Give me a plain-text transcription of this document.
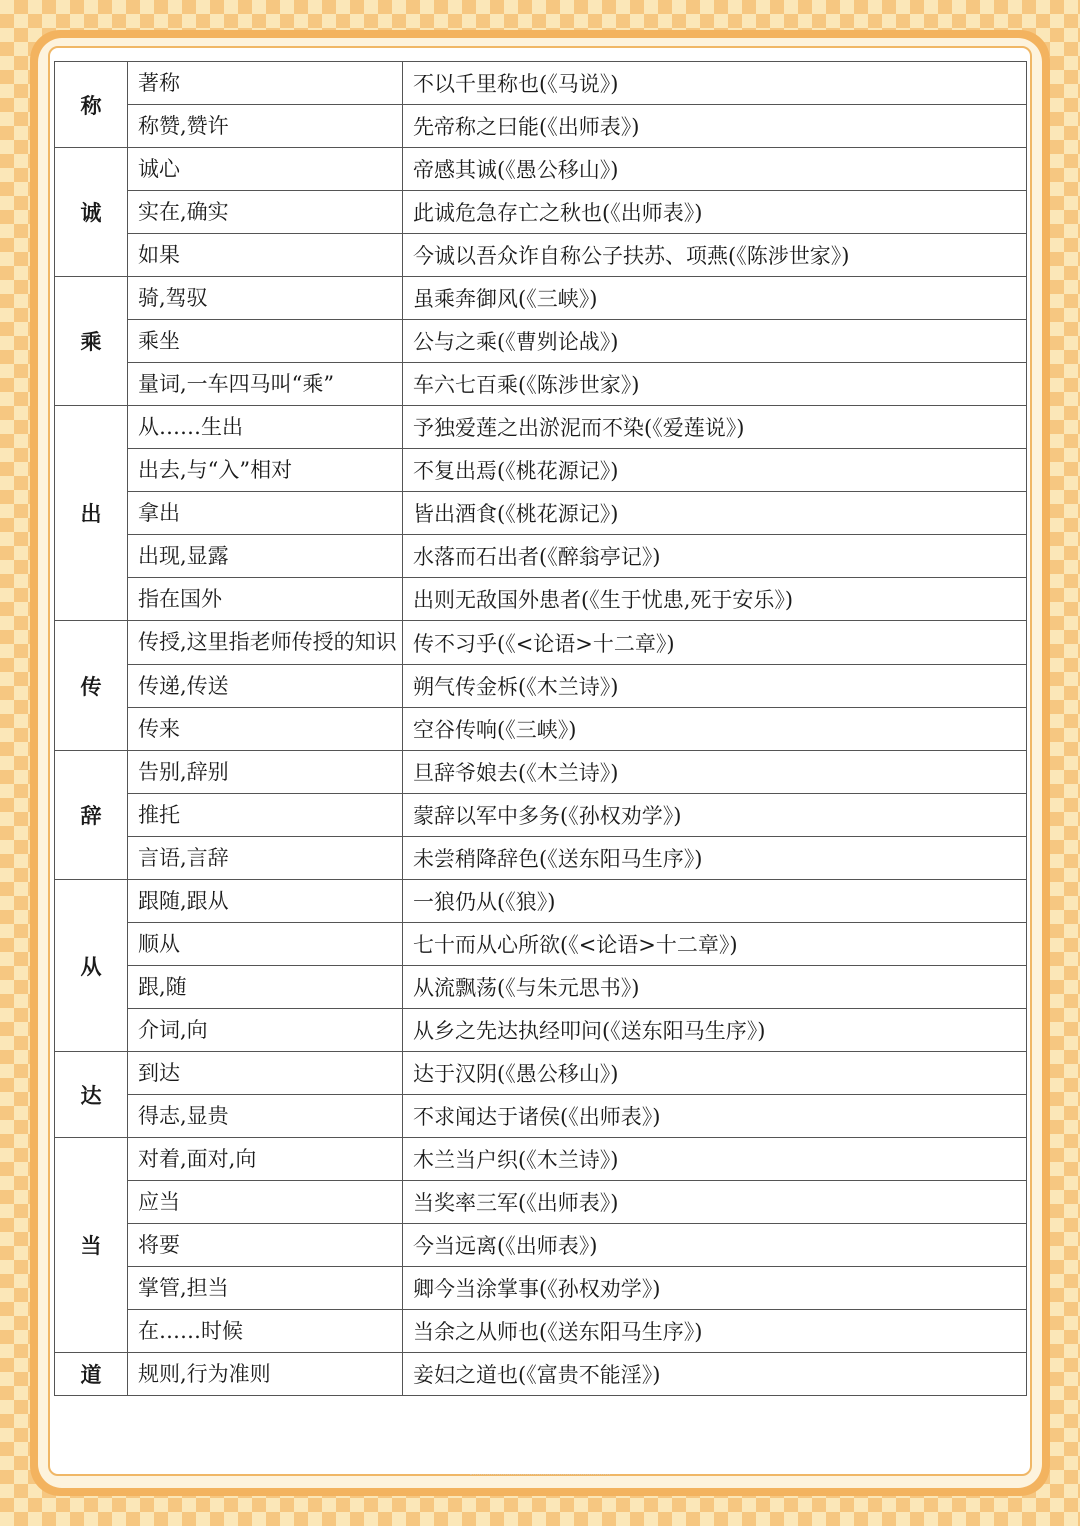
称	著称	不以千里称也(《马说》)
	称赞,赞许	先帝称之曰能(《出师表》)
诚	诚心	帝感其诚(《愚公移山》)
	实在,确实	此诚危急存亡之秋也(《出师表》)
	如果	今诚以吾众诈自称公子扶苏、项燕(《陈涉世家》)
乘	骑,驾驭	虽乘奔御风(《三峡》)
	乘坐	公与之乘(《曹刿论战》)
	量词,一车四马叫“乘”	车六七百乘(《陈涉世家》)
出	从……生出	予独爱莲之出淤泥而不染(《爱莲说》)
	出去,与“入”相对	不复出焉(《桃花源记》)
	拿出	皆出酒食(《桃花源记》)
	出现,显露	水落而石出者(《醉翁亭记》)
	指在国外	出则无敌国外患者(《生于忧患,死于安乐》)
传	传授,这里指老师传授的知识	传不习乎(《<论语>十二章》)
	传递,传送	朔气传金柝(《木兰诗》)
	传来	空谷传响(《三峡》)
辞	告别,辞别	旦辞爷娘去(《木兰诗》)
	推托	蒙辞以军中多务(《孙权劝学》)
	言语,言辞	未尝稍降辞色(《送东阳马生序》)
从	跟随,跟从	一狼仍从(《狼》)
	顺从	七十而从心所欲(《<论语>十二章》)
	跟,随	从流飘荡(《与朱元思书》)
	介词,向	从乡之先达执经叩问(《送东阳马生序》)
达	到达	达于汉阴(《愚公移山》)
	得志,显贵	不求闻达于诸侯(《出师表》)
当	对着,面对,向	木兰当户织(《木兰诗》)
	应当	当奖率三军(《出师表》)
	将要	今当远离(《出师表》)
	掌管,担当	卿今当涂掌事(《孙权劝学》)
	在……时候	当余之从师也(《送东阳马生序》)
道	规则,行为准则	妾妇之道也(《富贵不能淫》)
